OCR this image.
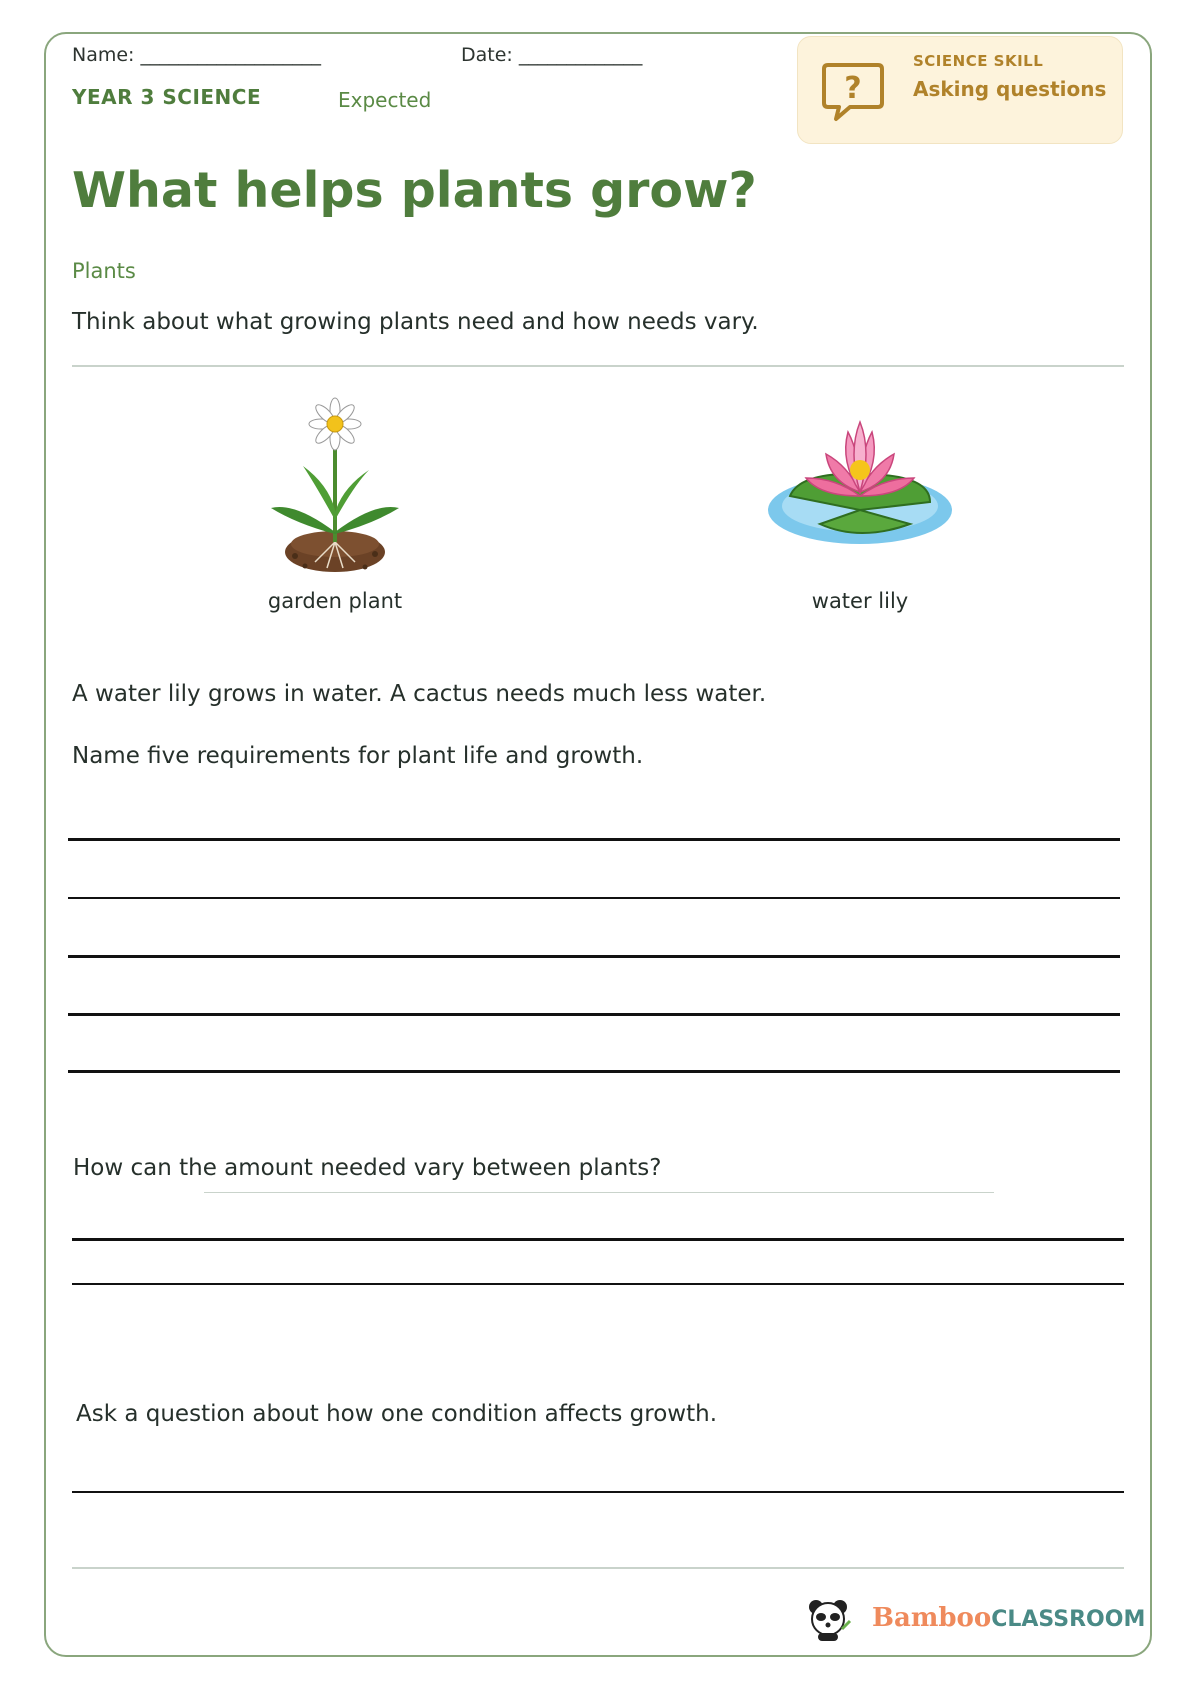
Name: ___________________	Date: _____________
YEAR 3 SCIENCE	Expected	?
SCIENCE SKILL
Asking questions
What helps plants grow?
Plants
Think about what growing plants need and how needs vary.
garden plant	water lily
A water lily grows in water. A cactus needs much less water.
Name five requirements for plant life and growth.
How can the amount needed vary between plants?
Ask a question about how one condition affects growth.
BambooCLASSROOM
